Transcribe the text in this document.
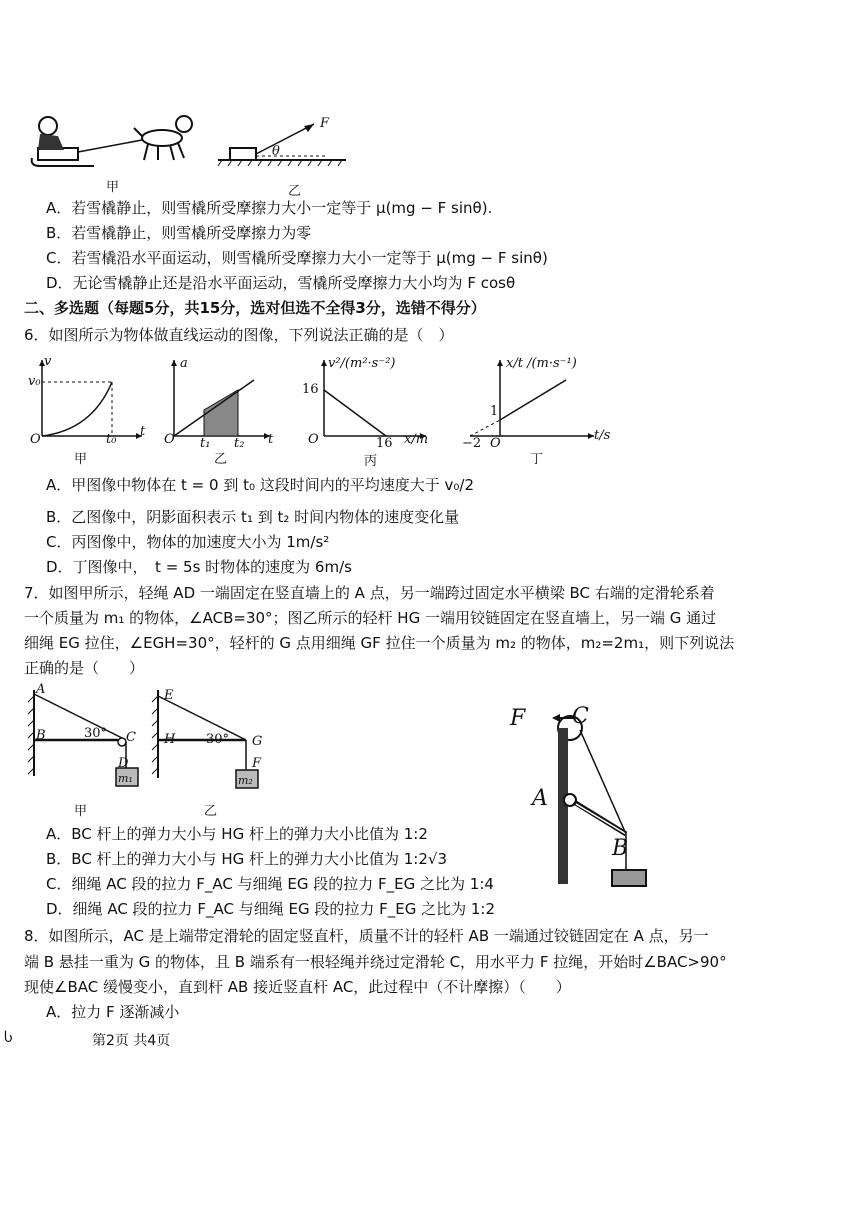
甲
F
θ
乙
A．若雪橇静止，则雪橇所受摩擦力大小一定等于 μ(mg − F sinθ).
B．若雪橇静止，则雪橇所受摩擦力为零
C．若雪橇沿水平面运动，则雪橇所受摩擦力大小一定等于 μ(mg − F sinθ)
D．无论雪橇静止还是沿水平面运动，雪橇所受摩擦力大小均为 F cosθ
二、多选题（每题5分，共15分，选对但选不全得3分，选错不得分）
6．如图所示为物体做直线运动的图像，下列说法正确的是（　）
v
v₀
O	t₀
t
甲
a
O t₁ t₂ t
乙
v²/(m²·s⁻²)
16
O	16 x/m
丙
x/t /(m·s⁻¹)
1
−2 O
t/s
丁
A．甲图像中物体在 t = 0 到 t₀ 这段时间内的平均速度大于 v₀/2
B．乙图像中，阴影面积表示 t₁ 到 t₂ 时间内物体的速度变化量
C．丙图像中，物体的加速度大小为 1m/s²
D．丁图像中，　t = 5s 时物体的速度为 6m/s
7．如图甲所示，轻绳 AD 一端固定在竖直墙上的 A 点，另一端跨过固定水平横梁 BC 右端的定滑轮系着
一个质量为 m₁ 的物体，∠ACB=30°；图乙所示的轻杆 HG 一端用铰链固定在竖直墙上，另一端 G 通过
细绳 EG 拉住，∠EGH=30°，轻杆的 G 点用细绳 GF 拉住一个质量为 m₂ 的物体，m₂=2m₁，则下列说法
正确的是（　　）
A
B	30° C
D
m₁
甲
E
H 30° G
F
m₂
乙
F C
A
B
A．BC 杆上的弹力大小与 HG 杆上的弹力大小比值为 1:2
B．BC 杆上的弹力大小与 HG 杆上的弹力大小比值为 1:2√3
C．细绳 AC 段的拉力 F_AC 与细绳 EG 段的拉力 F_EG 之比为 1:4
D．细绳 AC 段的拉力 F_AC 与细绳 EG 段的拉力 F_EG 之比为 1:2
8．如图所示，AC 是上端带定滑轮的固定竖直杆，质量不计的轻杆 AB 一端通过铰链固定在 A 点，另一
端 B 悬挂一重为 G 的物体，且 B 端系有一根轻绳并绕过定滑轮 C，用水平力 F 拉绳，开始时∠BAC>90°
现使∠BAC 缓慢变小，直到杆 AB 接近竖直杆 AC，此过程中（不计摩擦）（　　）
A．拉力 F 逐渐减小
Ⴑ	第2页 共4页
